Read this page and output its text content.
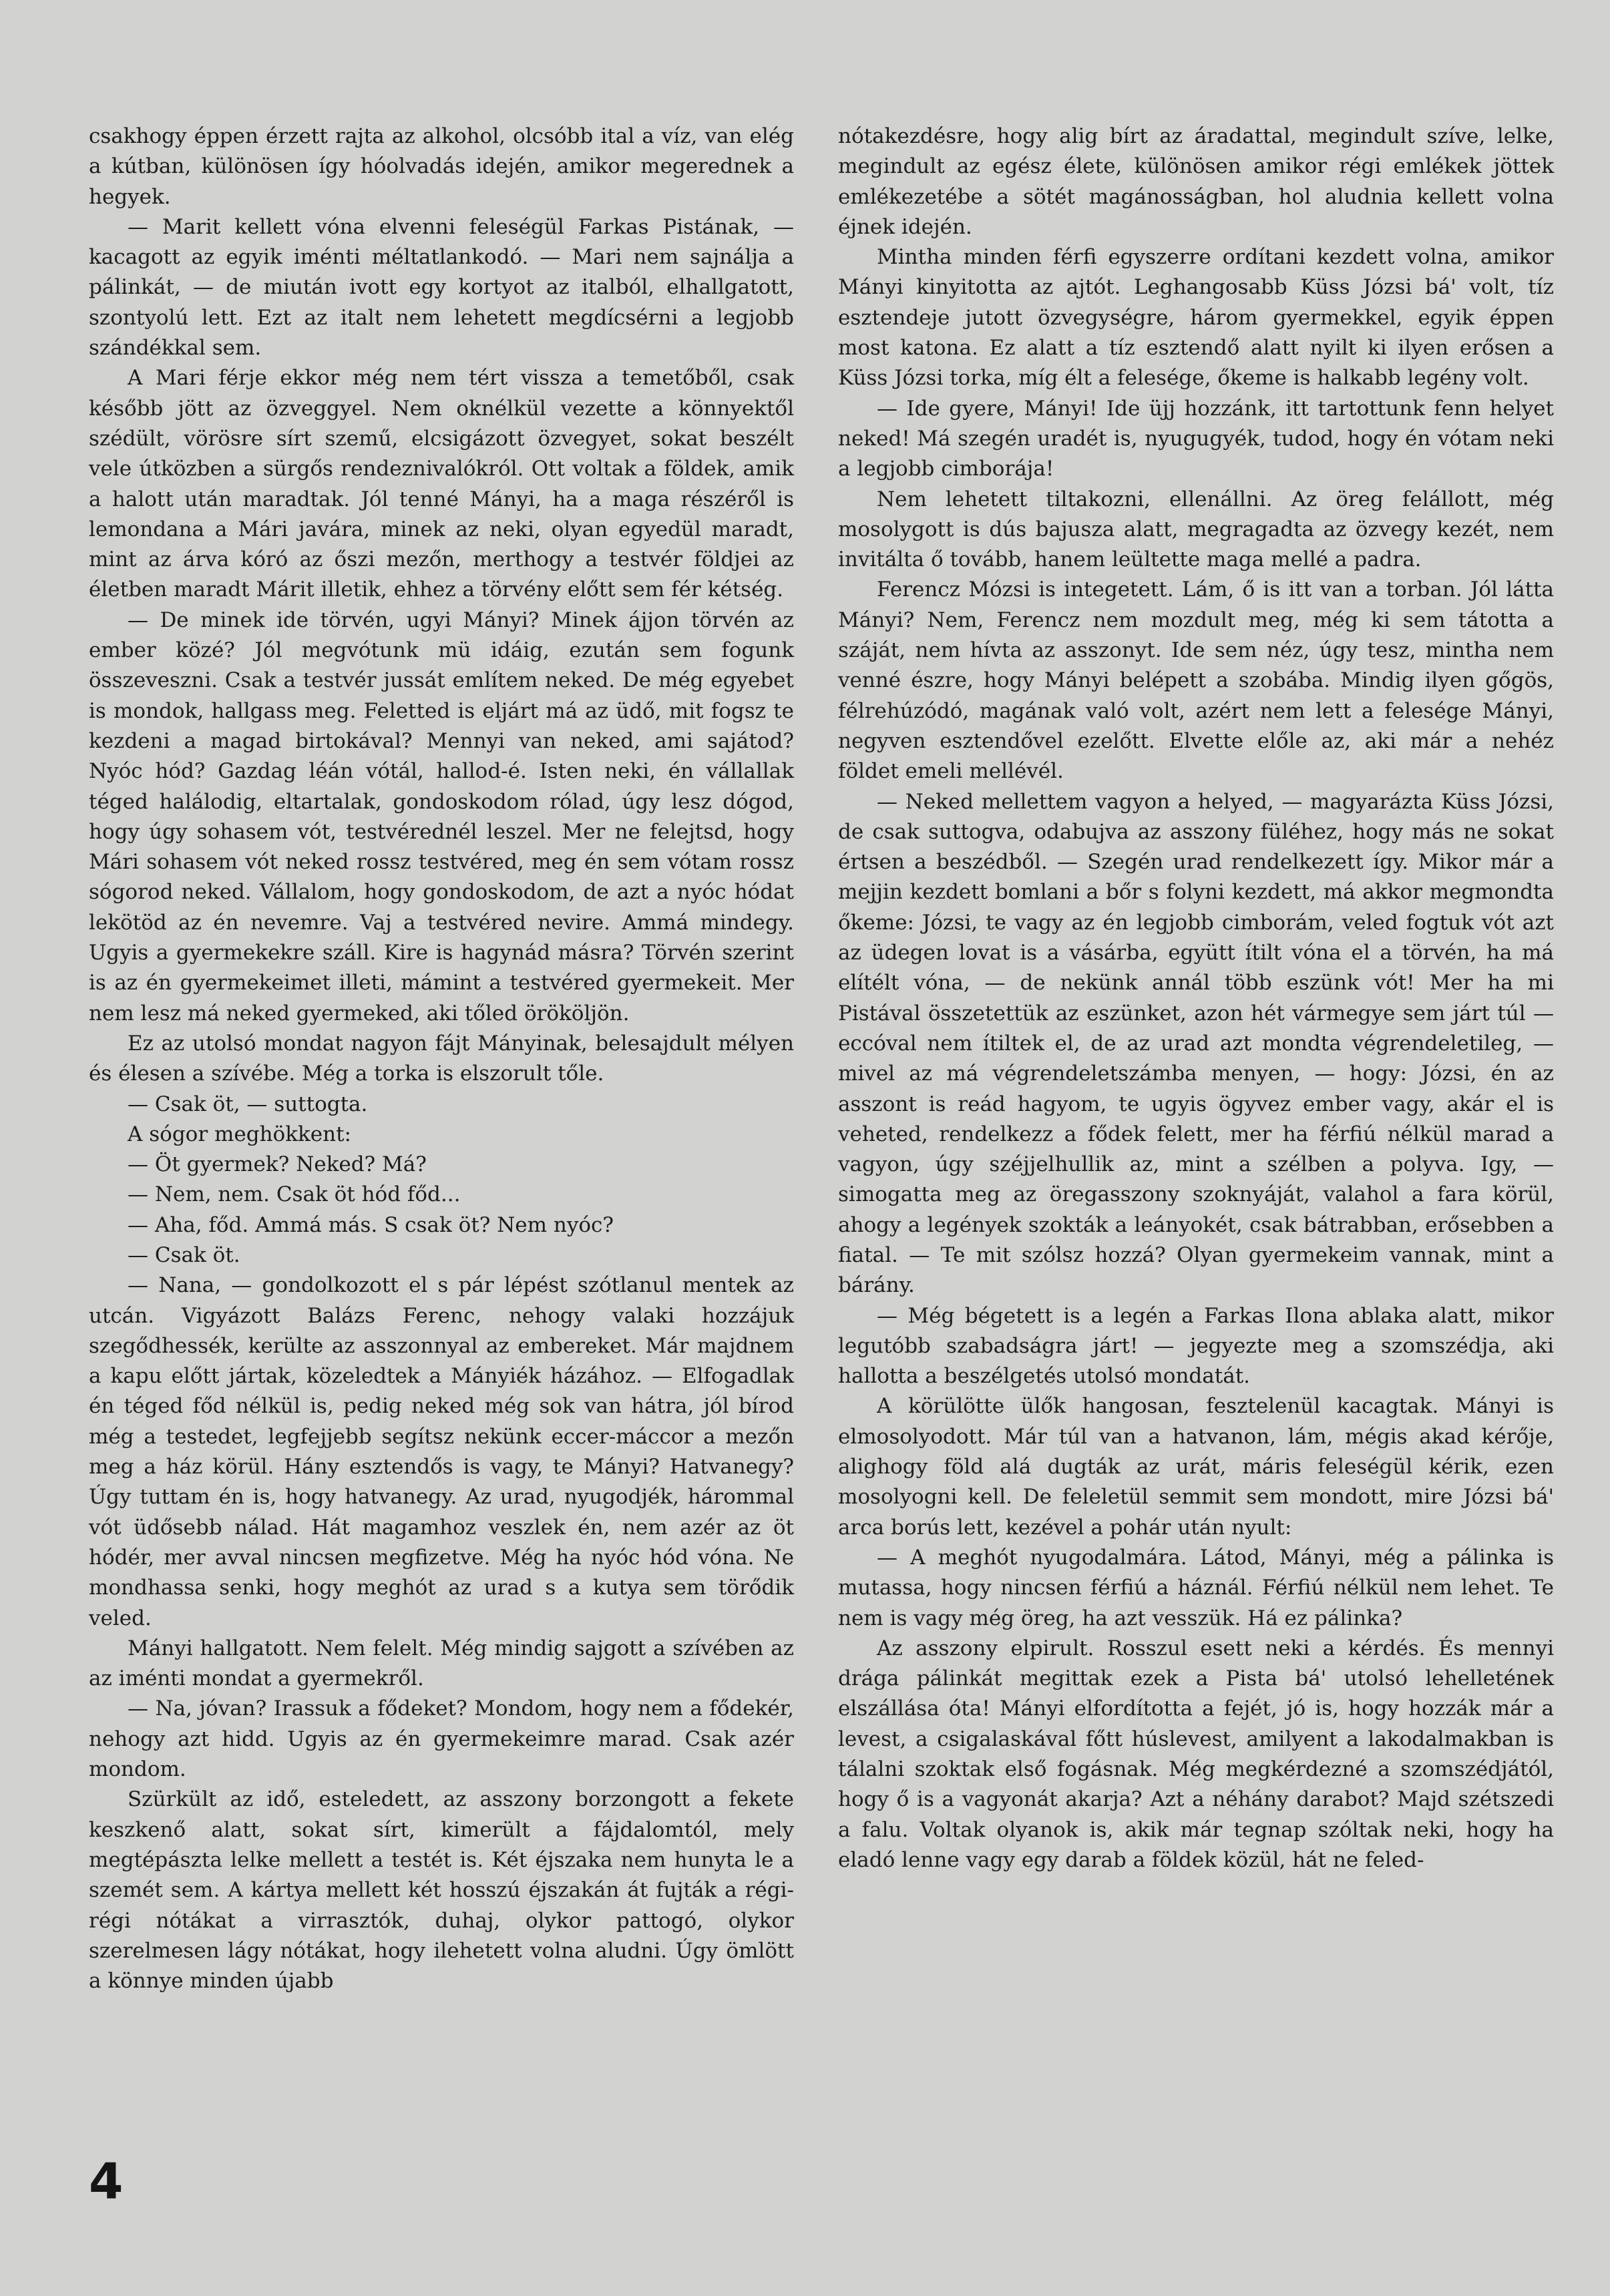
csakhogy éppen érzett rajta az alkohol, olcsóbb ital a víz, van elég a kútban, különösen így hóolvadás idején, amikor megerednek a hegyek.

— Marit kellett vóna elvenni feleségül Farkas Pistának, — kacagott az egyik iménti méltatlankodó. — Mari nem sajnálja a pálinkát, — de miután ivott egy kortyot az italból, elhallgatott, szontyolú lett. Ezt az italt nem lehetett megdícsérni a legjobb szándékkal sem.

A Mari férje ekkor még nem tért vissza a temetőből, csak később jött az özveggyel. Nem oknélkül vezette a könnyektől szédült, vörösre sírt szemű, elcsigázott özvegyet, sokat beszélt vele útközben a sürgős rendeznivalókról. Ott voltak a földek, amik a halott után maradtak. Jól tenné Mányi, ha a maga részéről is lemondana a Mári javára, minek az neki, olyan egyedül maradt, mint az árva kóró az őszi mezőn, merthogy a testvér földjei az életben maradt Márit illetik, ehhez a törvény előtt sem fér kétség.

— De minek ide törvén, ugyi Mányi? Minek ájjon törvén az ember közé? Jól megvótunk mü idáig, ezután sem fogunk összeveszni. Csak a testvér jussát említem neked. De még egyebet is mondok, hallgass meg. Feletted is eljárt má az üdő, mit fogsz te kezdeni a magad birtokával? Mennyi van neked, ami sajátod? Nyóc hód? Gazdag léán vótál, hallod-é. Isten neki, én vállallak téged halálodig, eltartalak, gondoskodom rólad, úgy lesz dógod, hogy úgy sohasem vót, testvérednél leszel. Mer ne felejtsd, hogy Mári sohasem vót neked rossz testvéred, meg én sem vótam rossz sógorod neked. Vállalom, hogy gondoskodom, de azt a nyóc hódat lekötöd az én nevemre. Vaj a testvéred nevire. Ammá mindegy. Ugyis a gyermekekre száll. Kire is hagynád másra? Törvén szerint is az én gyermekeimet illeti, mámint a testvéred gyermekeit. Mer nem lesz má neked gyermeked, aki tőled örököljön.

Ez az utolsó mondat nagyon fájt Mányinak, belesajdult mélyen és élesen a szívébe. Még a torka is elszorult tőle.

— Csak öt, — suttogta.

A sógor meghökkent:

— Öt gyermek? Neked? Má?

— Nem, nem. Csak öt hód főd...

— Aha, főd. Ammá más. S csak öt? Nem nyóc?

— Csak öt.

— Nana, — gondolkozott el s pár lépést szótlanul mentek az utcán. Vigyázott Balázs Ferenc, nehogy valaki hozzájuk szegődhessék, kerülte az asszonnyal az embereket. Már majdnem a kapu előtt jártak, közeledtek a Mányiék házához. — Elfogadlak én téged főd nélkül is, pedig neked még sok van hátra, jól bírod még a testedet, legfejjebb segítsz nekünk eccer-máccor a mezőn meg a ház körül. Hány esztendős is vagy, te Mányi? Hatvanegy? Úgy tuttam én is, hogy hatvanegy. Az urad, nyugodjék, hárommal vót üdősebb nálad. Hát magamhoz veszlek én, nem azér az öt hódér, mer avval nincsen megfizetve. Még ha nyóc hód vóna. Ne mondhassa senki, hogy meghót az urad s a kutya sem törődik veled.

Mányi hallgatott. Nem felelt. Még mindig sajgott a szívében az az iménti mondat a gyermekről.

— Na, jóvan? Irassuk a fődeket? Mondom, hogy nem a fődekér, nehogy azt hidd. Ugyis az én gyermekeimre marad. Csak azér mondom.

Szürkült az idő, esteledett, az asszony borzongott a fekete keszkenő alatt, sokat sírt, kimerült a fájdalomtól, mely megtépászta lelke mellett a testét is. Két éjszaka nem hunyta le a szemét sem. A kártya mellett két hosszú éjszakán át fujták a régi-régi nótákat a virrasztók, duhaj, olykor pattogó, olykor szerelmesen lágy nótákat, hogy ilehetett volna aludni. Úgy ömlött a könnye minden újabb

nótakezdésre, hogy alig bírt az áradattal, megindult szíve, lelke, megindult az egész élete, különösen amikor régi emlékek jöttek emlékezetébe a sötét magánosságban, hol aludnia kellett volna éjnek idején.

Mintha minden férfi egyszerre ordítani kezdett volna, amikor Mányi kinyitotta az ajtót. Leghangosabb Küss Józsi bá' volt, tíz esztendeje jutott özvegységre, három gyermekkel, egyik éppen most katona. Ez alatt a tíz esztendő alatt nyilt ki ilyen erősen a Küss Józsi torka, míg élt a felesége, őkeme is halkabb legény volt.

— Ide gyere, Mányi! Ide üjj hozzánk, itt tartottunk fenn helyet neked! Má szegén uradét is, nyugugyék, tudod, hogy én vótam neki a legjobb cimborája!

Nem lehetett tiltakozni, ellenállni. Az öreg felállott, még mosolygott is dús bajusza alatt, megragadta az özvegy kezét, nem invitálta ő tovább, hanem leültette maga mellé a padra.

Ferencz Mózsi is integetett. Lám, ő is itt van a torban. Jól látta Mányi? Nem, Ferencz nem mozdult meg, még ki sem tátotta a száját, nem hívta az asszonyt. Ide sem néz, úgy tesz, mintha nem venné észre, hogy Mányi belépett a szobába. Mindig ilyen gőgös, félrehúzódó, magának való volt, azért nem lett a felesége Mányi, negyven esztendővel ezelőtt. Elvette előle az, aki már a nehéz földet emeli mellévél.

— Neked mellettem vagyon a helyed, — magyarázta Küss Józsi, de csak suttogva, odabujva az asszony füléhez, hogy más ne sokat értsen a beszédből. — Szegén urad rendelkezett így. Mikor már a mejjin kezdett bomlani a bőr s folyni kezdett, má akkor megmondta őkeme: Józsi, te vagy az én legjobb cimborám, veled fogtuk vót azt az üdegen lovat is a vásárba, együtt ítilt vóna el a törvén, ha má elítélt vóna, — de nekünk annál több eszünk vót! Mer ha mi Pistával összetettük az eszünket, azon hét vármegye sem járt túl — eccóval nem ítiltek el, de az urad azt mondta végrendeletileg, — mivel az má végrendeletszámba menyen, — hogy: Józsi, én az asszont is reád hagyom, te ugyis ögyvez ember vagy, akár el is veheted, rendelkezz a fődek felett, mer ha férfiú nélkül marad a vagyon, úgy széjjelhullik az, mint a szélben a polyva. Igy, — simogatta meg az öregasszony szoknyáját, valahol a fara körül, ahogy a legények szokták a leányokét, csak bátrabban, erősebben a fiatal. — Te mit szólsz hozzá? Olyan gyermekeim vannak, mint a bárány.

— Még bégetett is a legén a Farkas Ilona ablaka alatt, mikor legutóbb szabadságra járt! — jegyezte meg a szomszédja, aki hallotta a beszélgetés utolsó mondatát.

A körülötte ülők hangosan, fesztelenül kacagtak. Mányi is elmosolyodott. Már túl van a hatvanon, lám, mégis akad kérője, alighogy föld alá dugták az urát, máris feleségül kérik, ezen mosolyogni kell. De feleletül semmit sem mondott, mire Józsi bá' arca borús lett, kezével a pohár után nyult:

— A meghót nyugodalmára. Látod, Mányi, még a pálinka is mutassa, hogy nincsen férfiú a háznál. Férfiú nélkül nem lehet. Te nem is vagy még öreg, ha azt vesszük. Há ez pálinka?

Az asszony elpirult. Rosszul esett neki a kérdés. És mennyi drága pálinkát megittak ezek a Pista bá' utolsó lehelletének elszállása óta! Mányi elfordította a fejét, jó is, hogy hozzák már a levest, a csigalaskával főtt húslevest, amilyent a lakodalmakban is tálalni szoktak első fogásnak. Még megkérdezné a szomszédjától, hogy ő is a vagyonát akarja? Azt a néhány darabot? Majd szétszedi a falu. Voltak olyanok is, akik már tegnap szóltak neki, hogy ha eladó lenne vagy egy darab a földek közül, hát ne feled-

4
